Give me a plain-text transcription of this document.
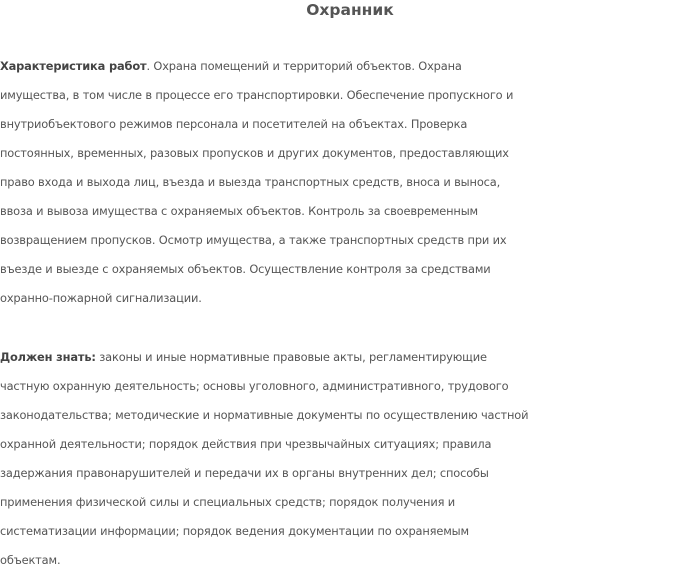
Охранник

Характеристика работ. Охрана помещений и территорий объектов. Охрана
имущества, в том числе в процессе его транспортировки. Обеспечение пропускного и
внутриобъектового режимов персонала и посетителей на объектах. Проверка
постоянных, временных, разовых пропусков и других документов, предоставляющих
право входа и выхода лиц, въезда и выезда транспортных средств, вноса и выноса,
ввоза и вывоза имущества с охраняемых объектов. Контроль за своевременным
возвращением пропусков. Осмотр имущества, а также транспортных средств при их
въезде и выезде с охраняемых объектов. Осуществление контроля за средствами
охранно-пожарной сигнализации.

Должен знать: законы и иные нормативные правовые акты, регламентирующие
частную охранную деятельность; основы уголовного, административного, трудового
законодательства; методические и нормативные документы по осуществлению частной
охранной деятельности; порядок действия при чрезвычайных ситуациях; правила
задержания правонарушителей и передачи их в органы внутренних дел; способы
применения физической силы и специальных средств; порядок получения и
систематизации информации; порядок ведения документации по охраняемым
объектам.
